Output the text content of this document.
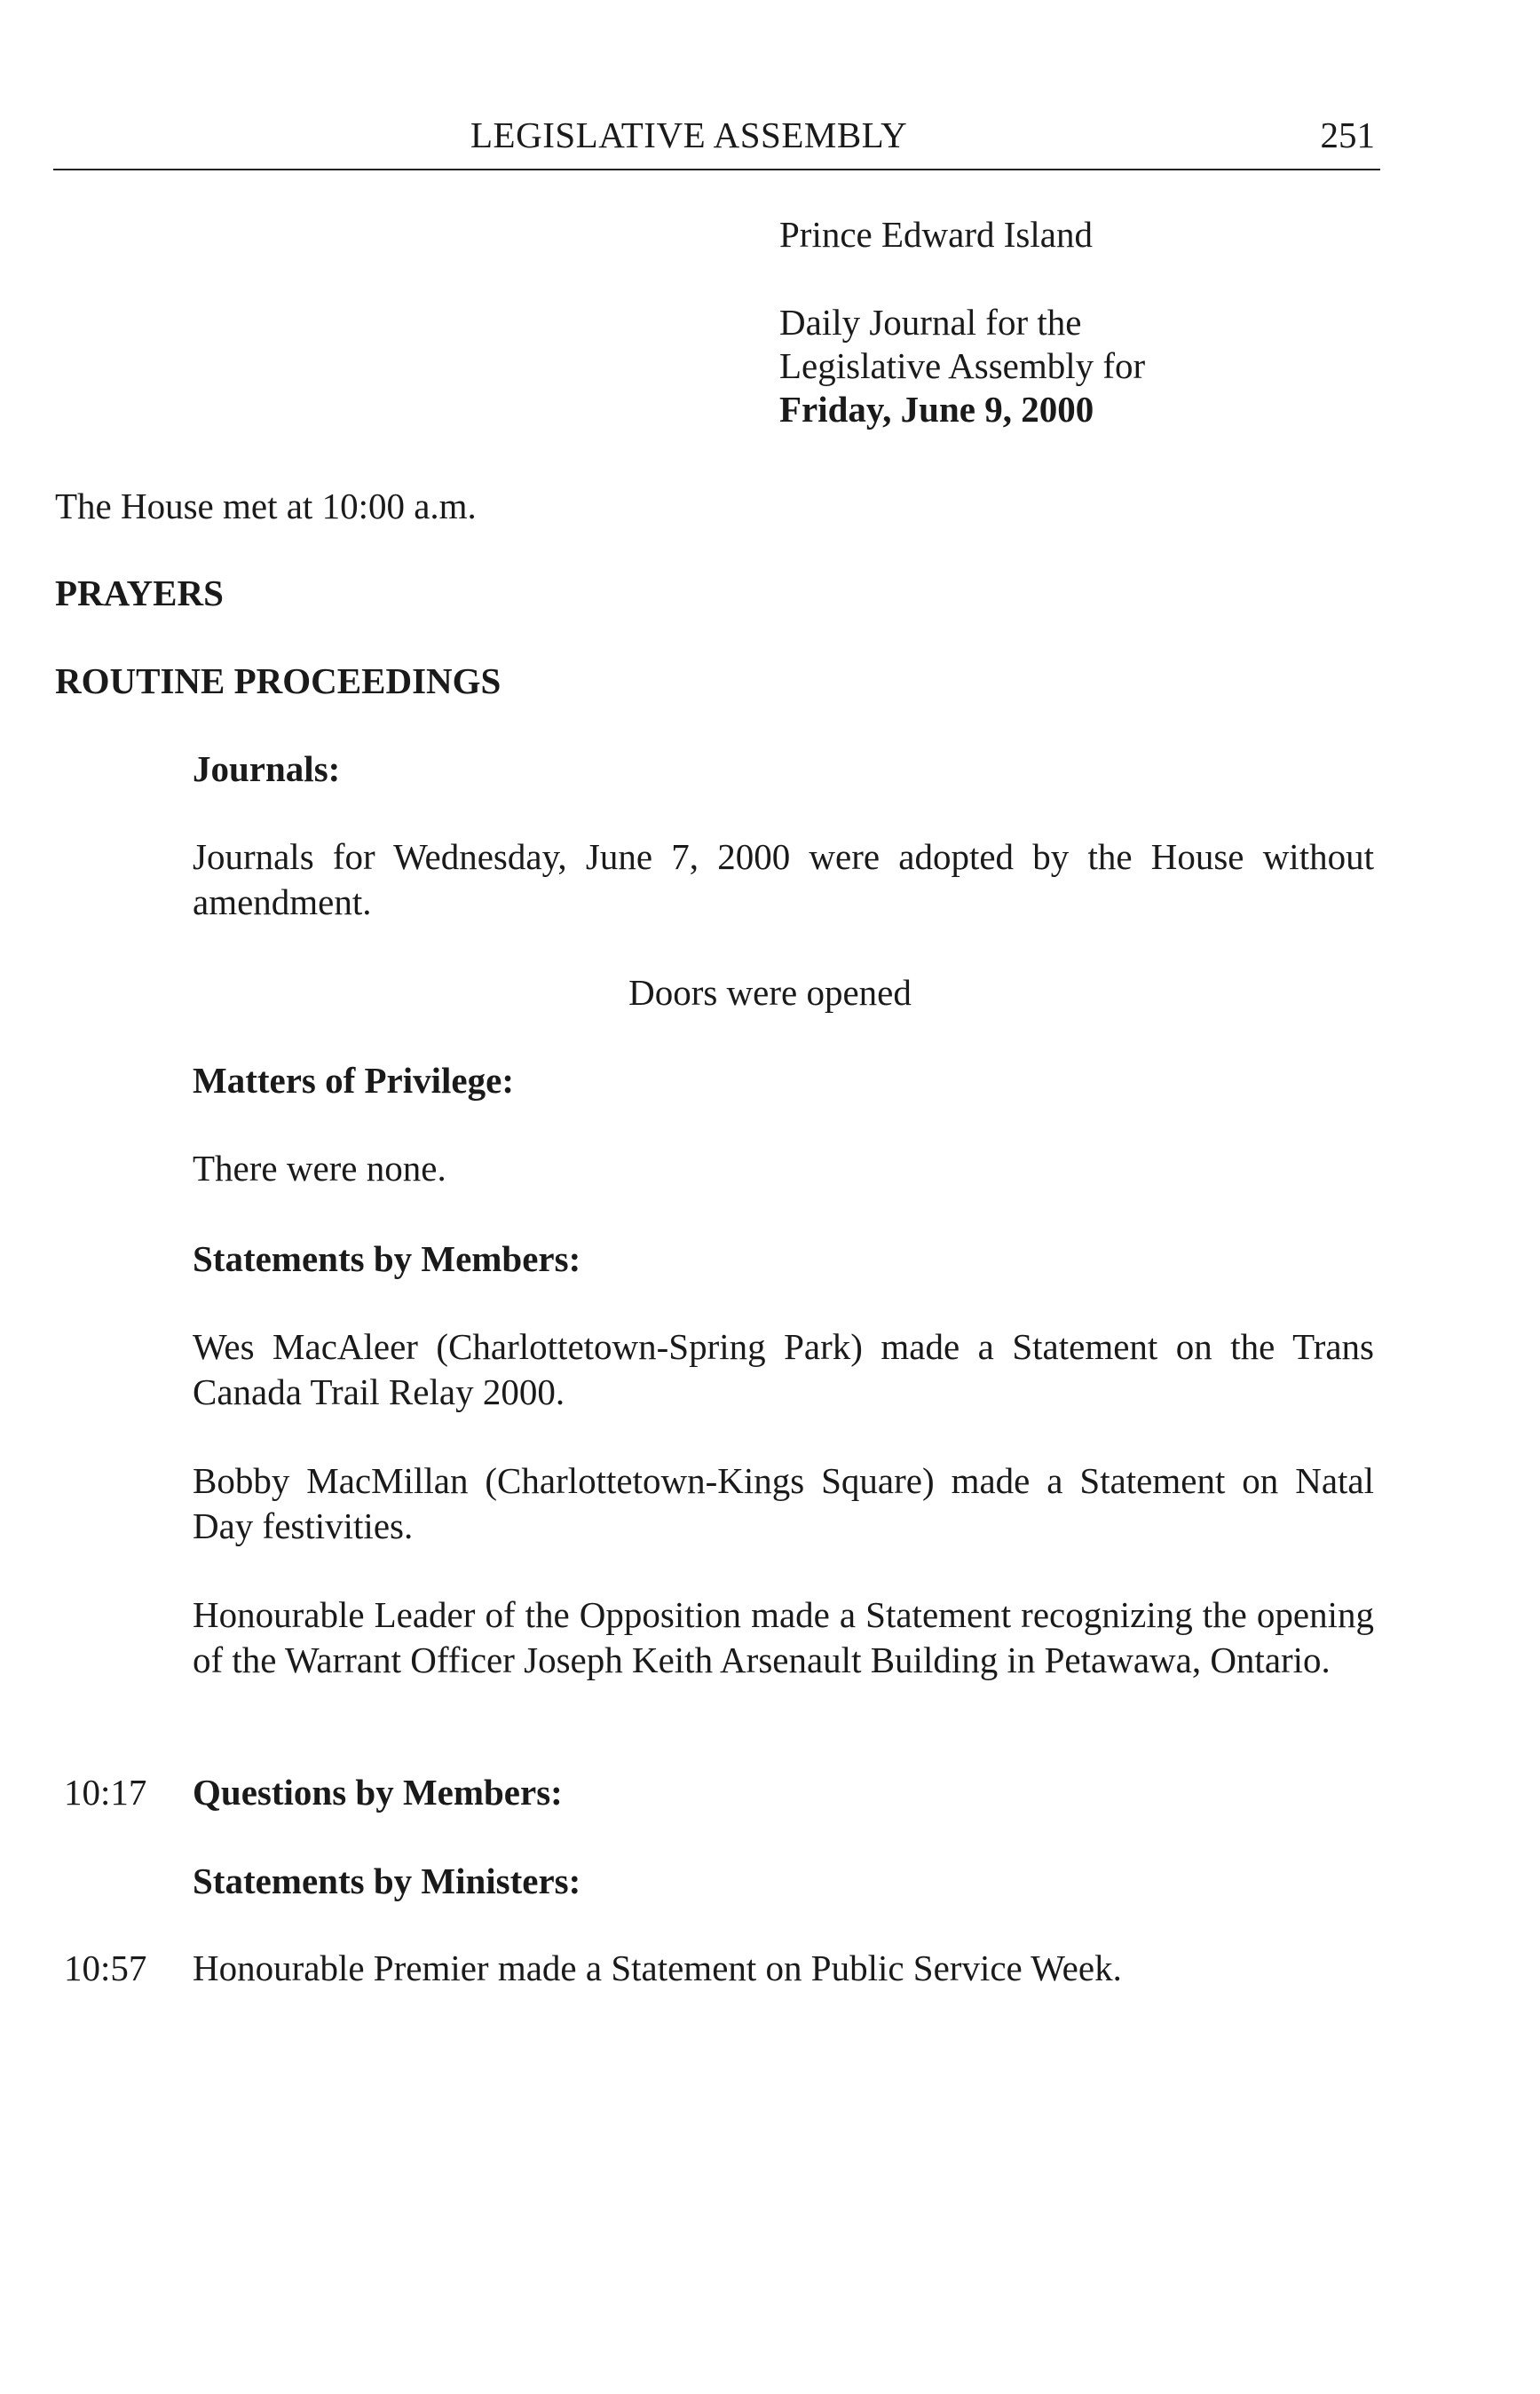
LEGISLATIVE ASSEMBLY	251
Prince Edward Island
Daily Journal for the
Legislative Assembly for
Friday, June 9, 2000
The House met at 10:00 a.m.
PRAYERS
ROUTINE PROCEEDINGS
Journals:
Journals for Wednesday, June 7, 2000 were adopted by the House without amendment.
Doors were opened
Matters of Privilege:
There were none.
Statements by Members:
Wes MacAleer (Charlottetown-Spring Park) made a Statement on the Trans Canada Trail Relay 2000.
Bobby MacMillan (Charlottetown-Kings Square) made a Statement on Natal Day festivities.
Honourable Leader of the Opposition made a Statement recognizing the opening of the Warrant Officer Joseph Keith Arsenault Building in Petawawa, Ontario.
10:17 Questions by Members:
Statements by Ministers:
10:57 Honourable Premier made a Statement on Public Service Week.
